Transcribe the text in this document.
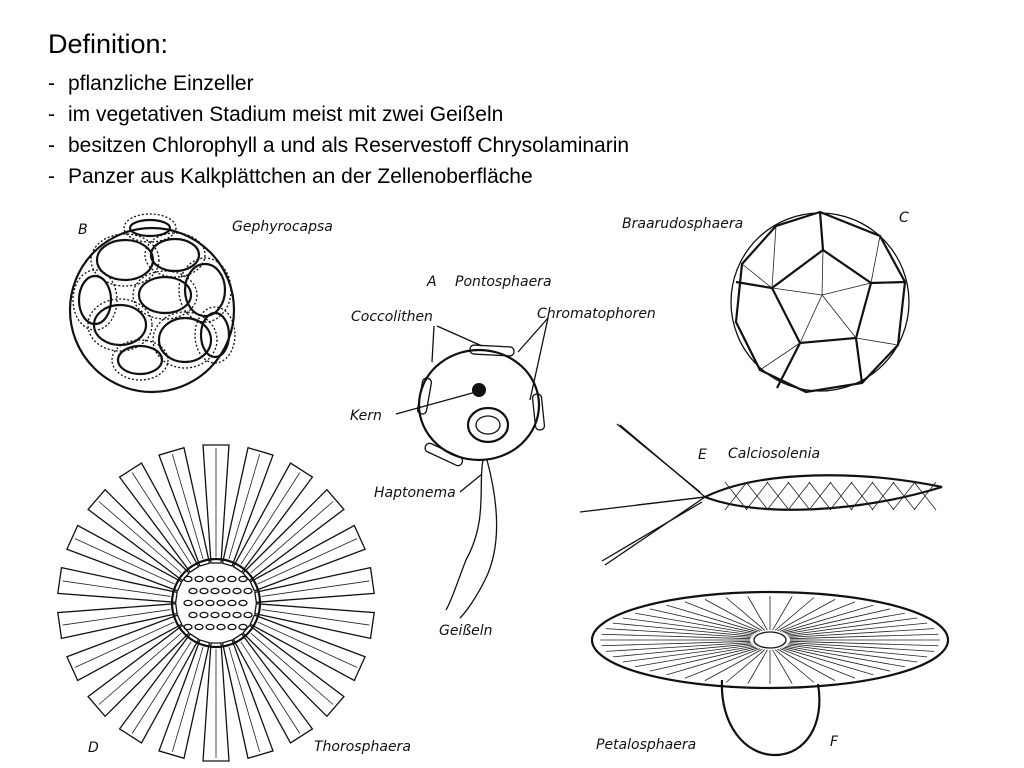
Definition:
- pflanzliche Einzeller
- im vegetativen Stadium meist mit zwei Geißeln
- besitzen Chlorophyll a und als Reservestoff Chrysolaminarin
- Panzer aus Kalkplättchen an der Zellenoberfläche
B	Gephyrocapsa	Braarudosphaera	C
A Pontosphaera
Coccolithen	Chromatophoren
Kern
Haptonema
Geißeln
E Calciosolenia
Petalosphaera	F
D	Thorosphaera
